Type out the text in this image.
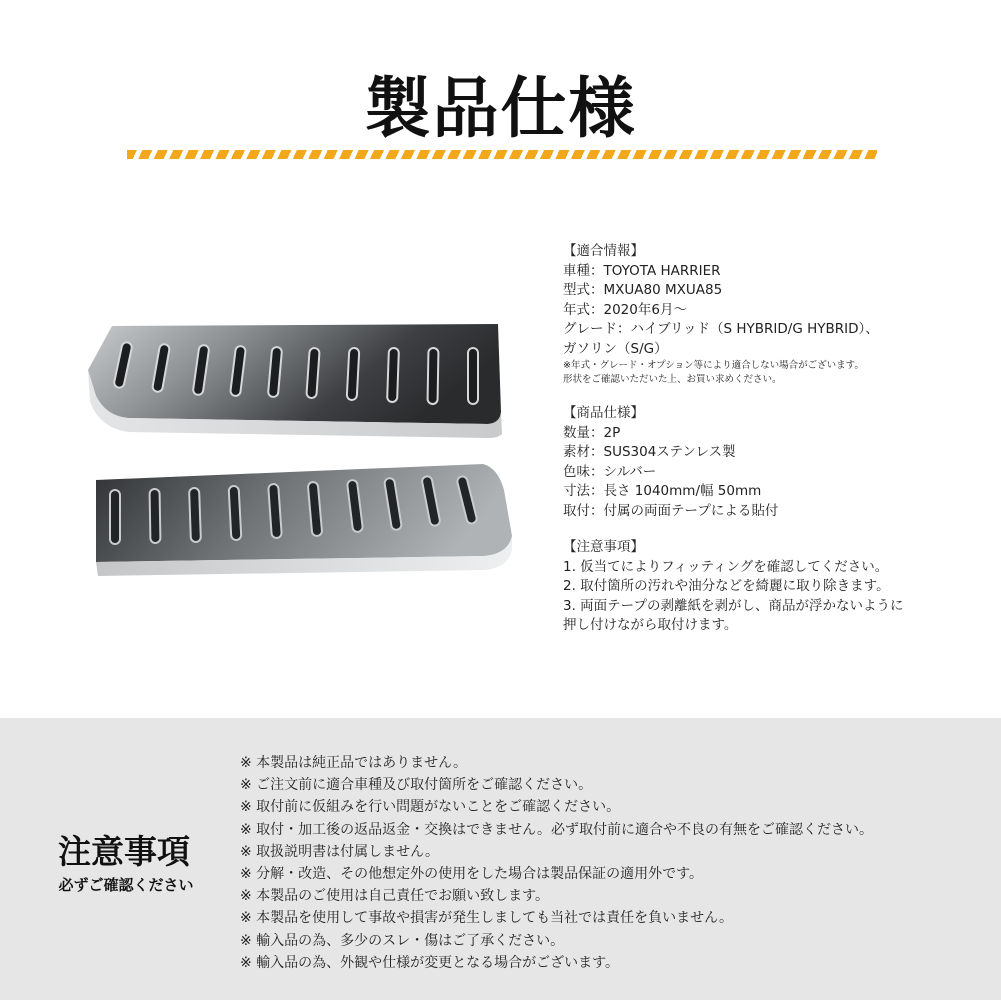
製品仕様
【適合情報】
車種：TOYOTA HARRIER
型式：MXUA80 MXUA85
年式：2020年6月～
グレード：ハイブリッド（S HYBRID/G HYBRID）、
ガソリン（S/G）
※年式・グレード・オプション等により適合しない場合がございます。
形状をご確認いただいた上、お買い求めください。
【商品仕様】
数量：2P
素材：SUS304ステンレス製
色味：シルバー
寸法：長さ 1040mm/幅 50mm
取付：付属の両面テープによる貼付
【注意事項】
1. 仮当てによりフィッティングを確認してください。
2. 取付箇所の汚れや油分などを綺麗に取り除きます。
3. 両面テープの剥離紙を剥がし、商品が浮かないように
押し付けながら取付けます。
注意事項
必ずご確認ください
※ 本製品は純正品ではありません。
※ ご注文前に適合車種及び取付箇所をご確認ください。
※ 取付前に仮組みを行い問題がないことをご確認ください。
※ 取付・加工後の返品返金・交換はできません。必ず取付前に適合や不良の有無をご確認ください。
※ 取扱説明書は付属しません。
※ 分解・改造、その他想定外の使用をした場合は製品保証の適用外です。
※ 本製品のご使用は自己責任でお願い致します。
※ 本製品を使用して事故や損害が発生しましても当社では責任を負いません。
※ 輸入品の為、多少のスレ・傷はご了承ください。
※ 輸入品の為、外観や仕様が変更となる場合がございます。
